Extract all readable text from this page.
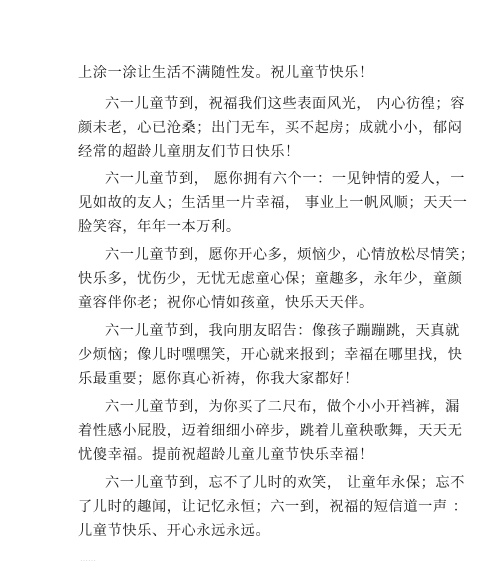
上涂一涂让生活不满随性发。祝儿童节快乐！
六一儿童节到，祝福我们这些表面风光， 内心彷徨；容
颜未老，心已沧桑；出门无车，买不起房；成就小小，郁闷
经常的超龄儿童朋友们节日快乐！
六一儿童节到， 愿你拥有六个一：一见钟情的爱人，一
见如故的友人；生活里一片幸福， 事业上一帆风顺；天天一
脸笑容，年年一本万利。
六一儿童节到，愿你开心多，烦恼少，心情放松尽情笑；
快乐多，忧伤少，无忧无虑童心保；童趣多，永年少，童颜
童容伴你老；祝你心情如孩童，快乐天天伴。
六一儿童节到，我向朋友昭告：像孩子蹦蹦跳，天真就
少烦恼；像儿时嘿嘿笑，开心就来报到；幸福在哪里找，快
乐最重要；愿你真心祈祷，你我大家都好！
六一儿童节到，为你买了二尺布，做个小小开裆裤，漏
着性感小屁股，迈着细细小碎步，跳着儿童秧歌舞，天天无
忧傻幸福。提前祝超龄儿童儿童节快乐幸福！
六一儿童节到，忘不了儿时的欢笑， 让童年永保；忘不
了儿时的趣闻，让记忆永恒；六一到，祝福的短信道一声 ：
儿童节快乐、开心永远永远。
……
